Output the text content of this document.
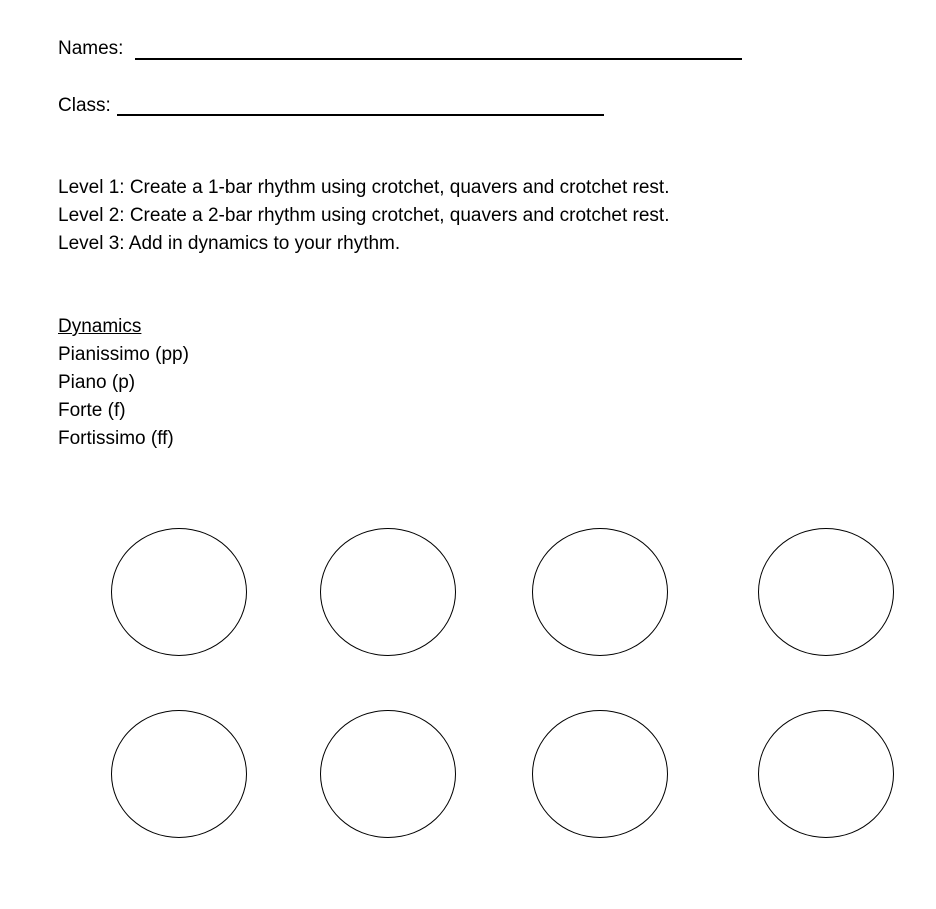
Names:
Class:
Level 1: Create a 1-bar rhythm using crotchet, quavers and crotchet rest.
Level 2: Create a 2-bar rhythm using crotchet, quavers and crotchet rest.
Level 3: Add in dynamics to your rhythm.
Dynamics
Pianissimo (pp)
Piano (p)
Forte (f)
Fortissimo (ff)
